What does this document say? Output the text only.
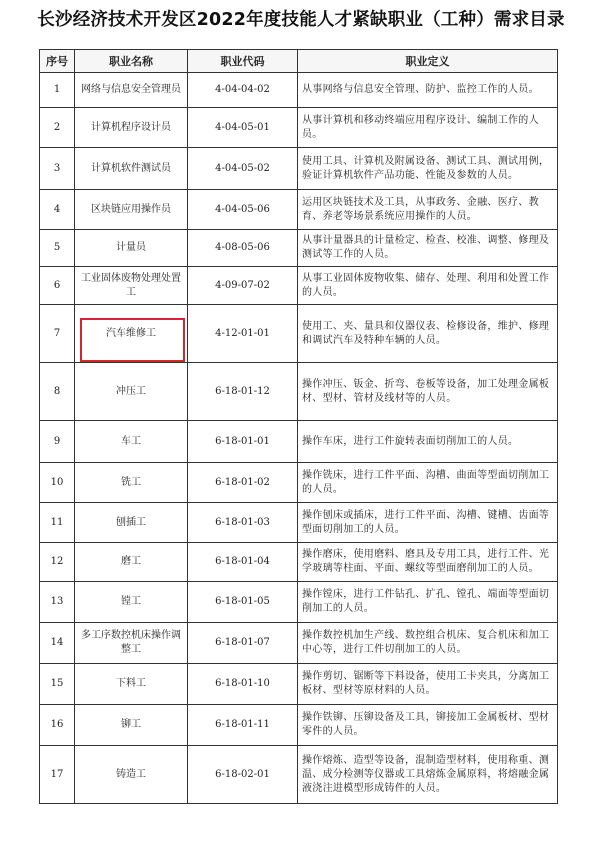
长沙经济技术开发区2022年度技能人才紧缺职业（工种）需求目录
序号	职业名称	职业代码	职业定义
1	网络与信息安全管理员	4-04-04-02	从事网络与信息安全管理、防护、监控工作的人员。
2	计算机程序设计员	4-04-05-01	从事计算机和移动终端应用程序设计、编制工作的人员。
3	计算机软件测试员	4-04-05-02	使用工具、计算机及附属设备、测试工具、测试用例，验证计算机软件产品功能、性能及参数的人员。
4	区块链应用操作员	4-04-05-06	运用区块链技术及工具，从事政务、金融、医疗、教育、养老等场景系统应用操作的人员。
5	计量员	4-08-05-06	从事计量器具的计量检定、检查、校准、调整、修理及测试等工作的人员。
6	工业固体废物处理处置工	4-09-07-02	从事工业固体废物收集、储存、处理、利用和处置工作的人员。
7	汽车维修工	4-12-01-01	使用工、夹、量具和仪器仪表、检修设备，维护、修理和调试汽车及特种车辆的人员。
8	冲压工	6-18-01-12	操作冲压、钣金、折弯、卷板等设备，加工处理金属板材、型材、管材及线材等的人员。
9	车工	6-18-01-01	操作车床，进行工件旋转表面切削加工的人员。
10	铣工	6-18-01-02	操作铣床，进行工件平面、沟槽、曲面等型面切削加工的人员。
11	刨插工	6-18-01-03	操作刨床或插床，进行工件平面、沟槽、键槽、齿面等型面切削加工的人员。
12	磨工	6-18-01-04	操作磨床，使用磨料、磨具及专用工具，进行工件、光学玻璃等柱面、平面、螺纹等型面磨削加工的人员。
13	镗工	6-18-01-05	操作镗床，进行工件钻孔、扩孔、镗孔、端面等型面切削加工的人员。
14	多工序数控机床操作调整工	6-18-01-07	操作数控机加生产线、数控组合机床、复合机床和加工中心等，进行工件切削加工的人员。
15	下料工	6-18-01-10	操作剪切、锯断等下料设备，使用工卡夹具，分离加工板材、型材等原材料的人员。
16	铆工	6-18-01-11	操作铁铆、压铆设备及工具，铆接加工金属板材、型材零件的人员。
17	铸造工	6-18-02-01	操作熔炼、造型等设备，混制造型材料，使用称重、测温、成分检测等仪器或工具熔炼金属原料，将熔融金属液浇注进模型形成铸件的人员。
